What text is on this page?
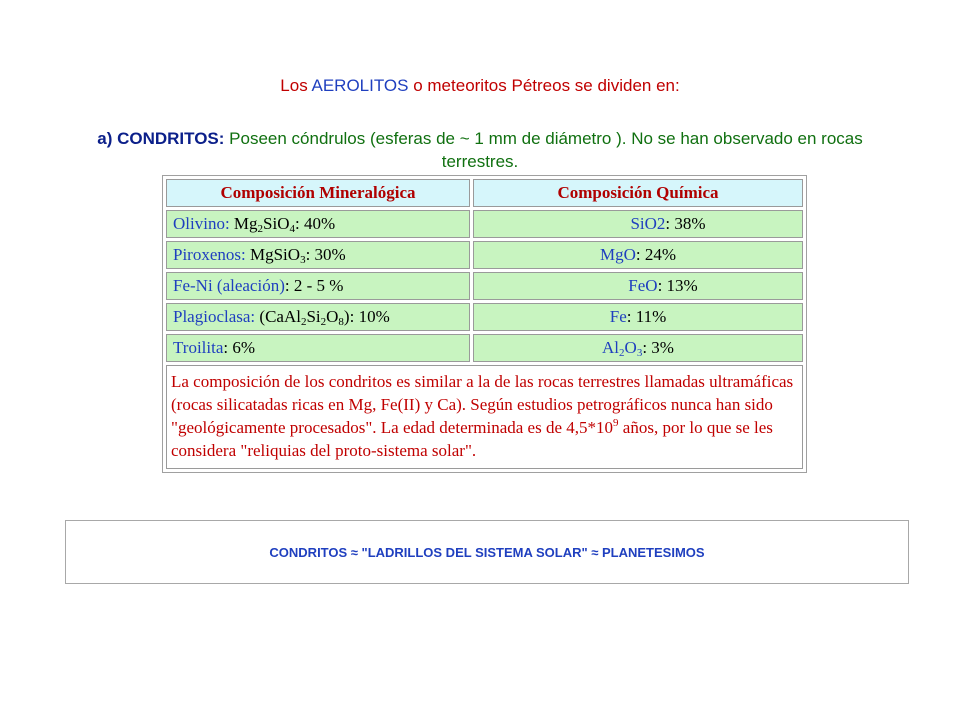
Los AEROLITOS o meteoritos Pétreos se dividen en:
a) CONDRITOS: Poseen cóndrulos (esferas de ~ 1 mm de diámetro ). No se han observado en rocas terrestres.
Composición Mineralógica	Composición Química
Olivino: $Mg_2SiO_4$: 40%	SiO2: 38%
Piroxenos: MgSiO$_3$: 30%	MgO: 24%
Fe-Ni (aleación): 2 - 5 %	FeO: 13%
Plagioclasa: $(CaAl_2Si_2O_8)$: 10%	Fe: 11%
Troilita: 6%	$Al_2O_3$: 3%
La composición de los condritos es similar a la de las rocas terrestres llamadas ultramáficas (rocas silicatadas ricas en Mg, Fe(II) y Ca). Según estudios petrográficos nunca han sido "geológicamente procesados". La edad determinada es de $4,5*10^9$ años, por lo que se les considera "reliquias del proto-sistema solar".	
CONDRITOS ≈ "LADRILLOS DEL SISTEMA SOLAR" ≈ PLANETESIMOS
